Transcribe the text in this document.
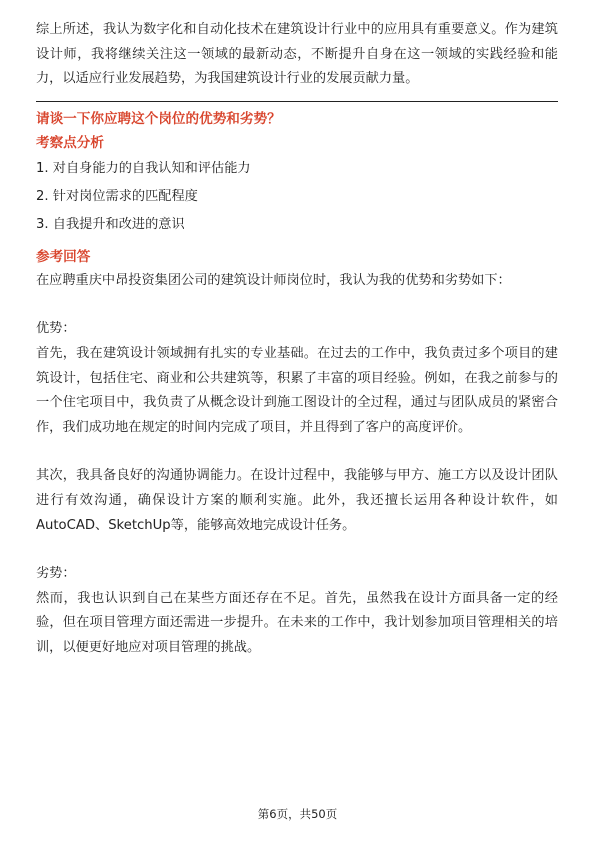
综上所述，我认为数字化和自动化技术在建筑设计行业中的应用具有重要意义。作为建筑设计师，我将继续关注这一领域的最新动态，不断提升自身在这一领域的实践经验和能力，以适应行业发展趋势，为我国建筑设计行业的发展贡献力量。

请谈一下你应聘这个岗位的优势和劣势？

考察点分析

1. 对自身能力的自我认知和评估能力
2. 针对岗位需求的匹配程度
3. 自我提升和改进的意识

参考回答

在应聘重庆中昂投资集团公司的建筑设计师岗位时，我认为我的优势和劣势如下：

优势：

首先，我在建筑设计领域拥有扎实的专业基础。在过去的工作中，我负责过多个项目的建筑设计，包括住宅、商业和公共建筑等，积累了丰富的项目经验。例如，在我之前参与的一个住宅项目中，我负责了从概念设计到施工图设计的全过程，通过与团队成员的紧密合作，我们成功地在规定的时间内完成了项目，并且得到了客户的高度评价。

其次，我具备良好的沟通协调能力。在设计过程中，我能够与甲方、施工方以及设计团队进行有效沟通，确保设计方案的顺利实施。此外，我还擅长运用各种设计软件，如AutoCAD、SketchUp等，能够高效地完成设计任务。

劣势：

然而，我也认识到自己在某些方面还存在不足。首先，虽然我在设计方面具备一定的经验，但在项目管理方面还需进一步提升。在未来的工作中，我计划参加项目管理相关的培训，以便更好地应对项目管理的挑战。

第6页，共50页
